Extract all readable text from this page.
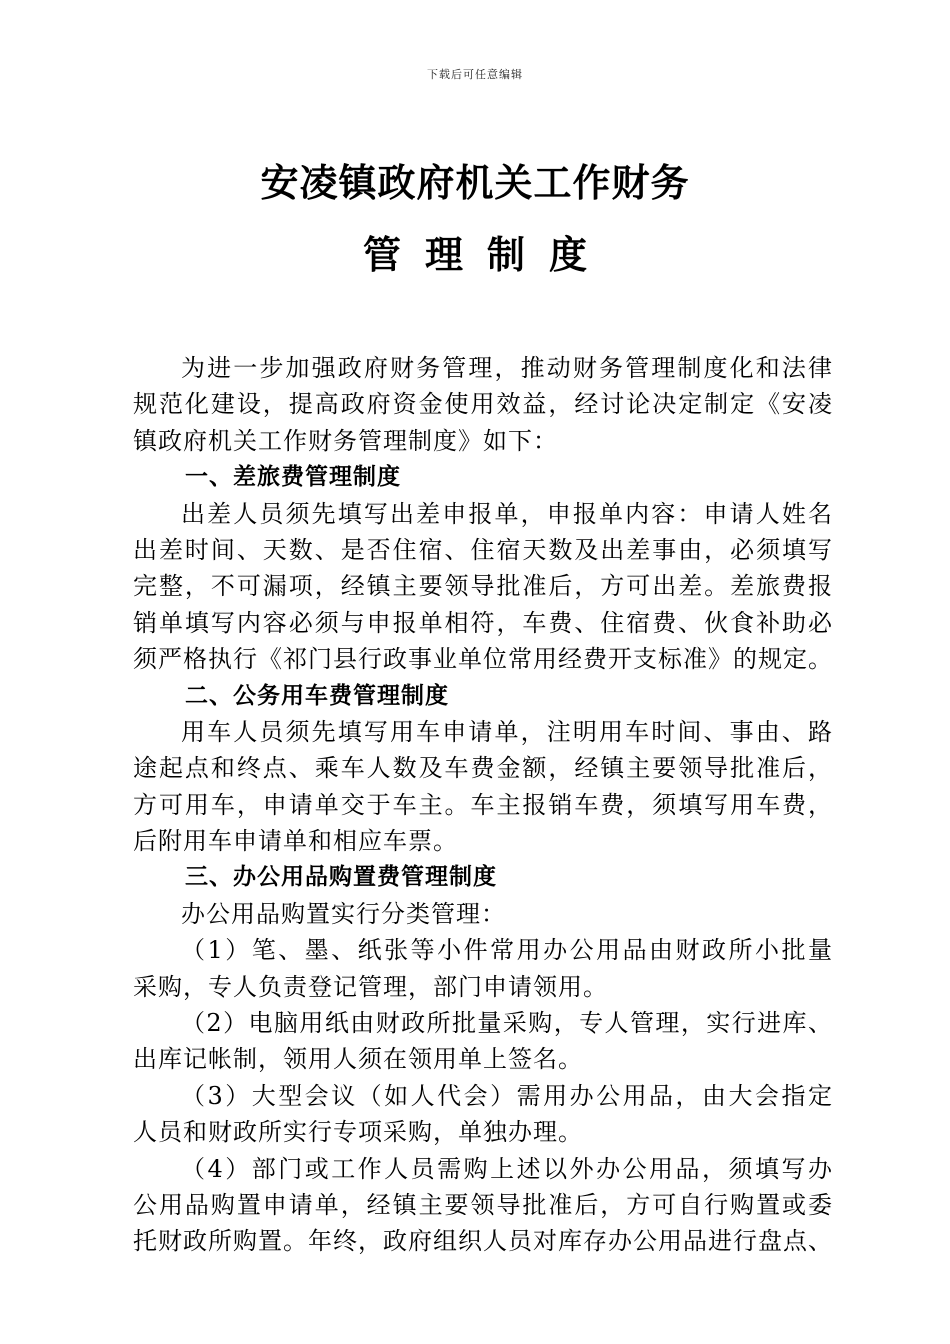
下载后可任意编辑
安凌镇政府机关工作财务
管理制度
为进一步加强政府财务管理，推动财务管理制度化和法律
规范化建设，提高政府资金使用效益，经讨论决定制定《安凌
镇政府机关工作财务管理制度》如下：
一、差旅费管理制度
出差人员须先填写出差申报单，申报单内容：申请人姓名
出差时间、天数、是否住宿、住宿天数及出差事由，必须填写
完整，不可漏项，经镇主要领导批准后，方可出差。差旅费报
销单填写内容必须与申报单相符，车费、住宿费、伙食补助必
须严格执行《祁门县行政事业单位常用经费开支标准》的规定。
二、公务用车费管理制度
用车人员须先填写用车申请单，注明用车时间、事由、路
途起点和终点、乘车人数及车费金额，经镇主要领导批准后，
方可用车，申请单交于车主。车主报销车费，须填写用车费，
后附用车申请单和相应车票。
三、办公用品购置费管理制度
办公用品购置实行分类管理：
（1）笔、墨、纸张等小件常用办公用品由财政所小批量
采购，专人负责登记管理，部门申请领用。
（2）电脑用纸由财政所批量采购，专人管理，实行进库、
出库记帐制，领用人须在领用单上签名。
（3）大型会议（如人代会）需用办公用品，由大会指定
人员和财政所实行专项采购，单独办理。
（4）部门或工作人员需购上述以外办公用品，须填写办
公用品购置申请单，经镇主要领导批准后，方可自行购置或委
托财政所购置。年终，政府组织人员对库存办公用品进行盘点、
